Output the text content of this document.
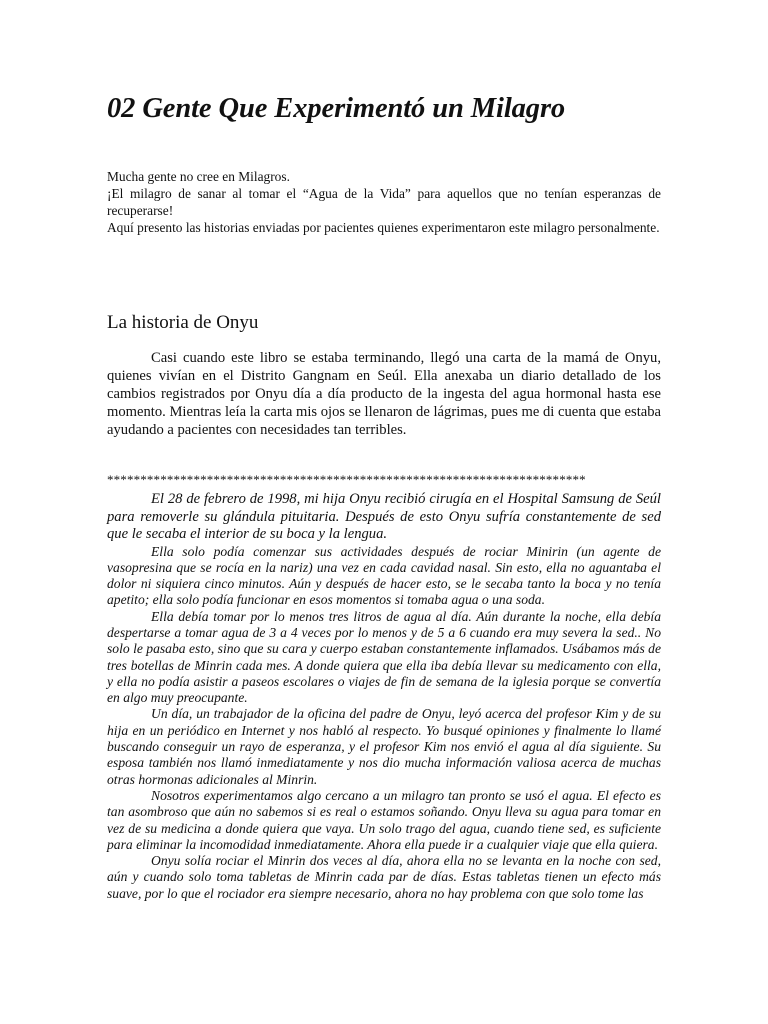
02 Gente Que Experimentó un Milagro

Mucha gente no cree en Milagros.

¡El milagro de sanar al tomar el “Agua de la Vida” para aquellos que no tenían esperanzas de recuperarse!

Aquí presento las historias enviadas por pacientes quienes experimentaron este milagro personalmente.

La historia de Onyu

Casi cuando este libro se estaba terminando, llegó una carta de la mamá de Onyu, quienes vivían en el Distrito Gangnam en Seúl. Ella anexaba un diario detallado de los cambios registrados por Onyu día a día producto de la ingesta del agua hormonal hasta ese momento. Mientras leía la carta mis ojos se llenaron de lágrimas, pues me di cuenta que estaba ayudando a pacientes con necesidades tan terribles.

************************************************************************

El 28 de febrero de 1998, mi hija Onyu recibió cirugía en el Hospital Samsung de Seúl para removerle su glándula pituitaria. Después de esto Onyu sufría constantemente de sed que le secaba el interior de su boca y la lengua.

Ella solo podía comenzar sus actividades después de rociar Minirin (un agente de vasopresina que se rocía en la nariz) una vez en cada cavidad nasal. Sin esto, ella no aguantaba el dolor ni siquiera cinco minutos. Aún y después de hacer esto, se le secaba tanto la boca y no tenía apetito; ella solo podía funcionar en esos momentos si tomaba agua o una soda.

Ella debía tomar por lo menos tres litros de agua al día. Aún durante la noche, ella debía despertarse a tomar agua de 3 a 4 veces por lo menos y de 5 a 6 cuando era muy severa la sed.. No solo le pasaba esto, sino que su cara y cuerpo estaban constantemente inflamados. Usábamos más de tres botellas de Minrin cada mes. A donde quiera que ella iba debía llevar su medicamento con ella, y ella no podía asistir a paseos escolares o viajes de fin de semana de la iglesia porque se convertía en algo muy preocupante.

Un día, un trabajador de la oficina del padre de Onyu, leyó acerca del profesor Kim y de su hija en un periódico en Internet y nos habló al respecto. Yo busqué opiniones y finalmente lo llamé buscando conseguir un rayo de esperanza, y el profesor Kim nos envió el agua al día siguiente. Su esposa también nos llamó inmediatamente y nos dio mucha información valiosa acerca de muchas otras hormonas adicionales al Minrin.

Nosotros experimentamos algo cercano a un milagro tan pronto se usó el agua. El efecto es tan asombroso que aún no sabemos si es real o estamos soñando. Onyu lleva su agua para tomar en vez de su medicina a donde quiera que vaya. Un solo trago del agua, cuando tiene sed, es suficiente para eliminar la incomodidad inmediatamente. Ahora ella puede ir a cualquier viaje que ella quiera.

Onyu solía rociar el Minrin dos veces al día, ahora ella no se levanta en la noche con sed, aún y cuando solo toma tabletas de Minrin cada par de días. Estas tabletas tienen un efecto más suave, por lo que el rociador era siempre necesario, ahora no hay problema con que solo tome las
